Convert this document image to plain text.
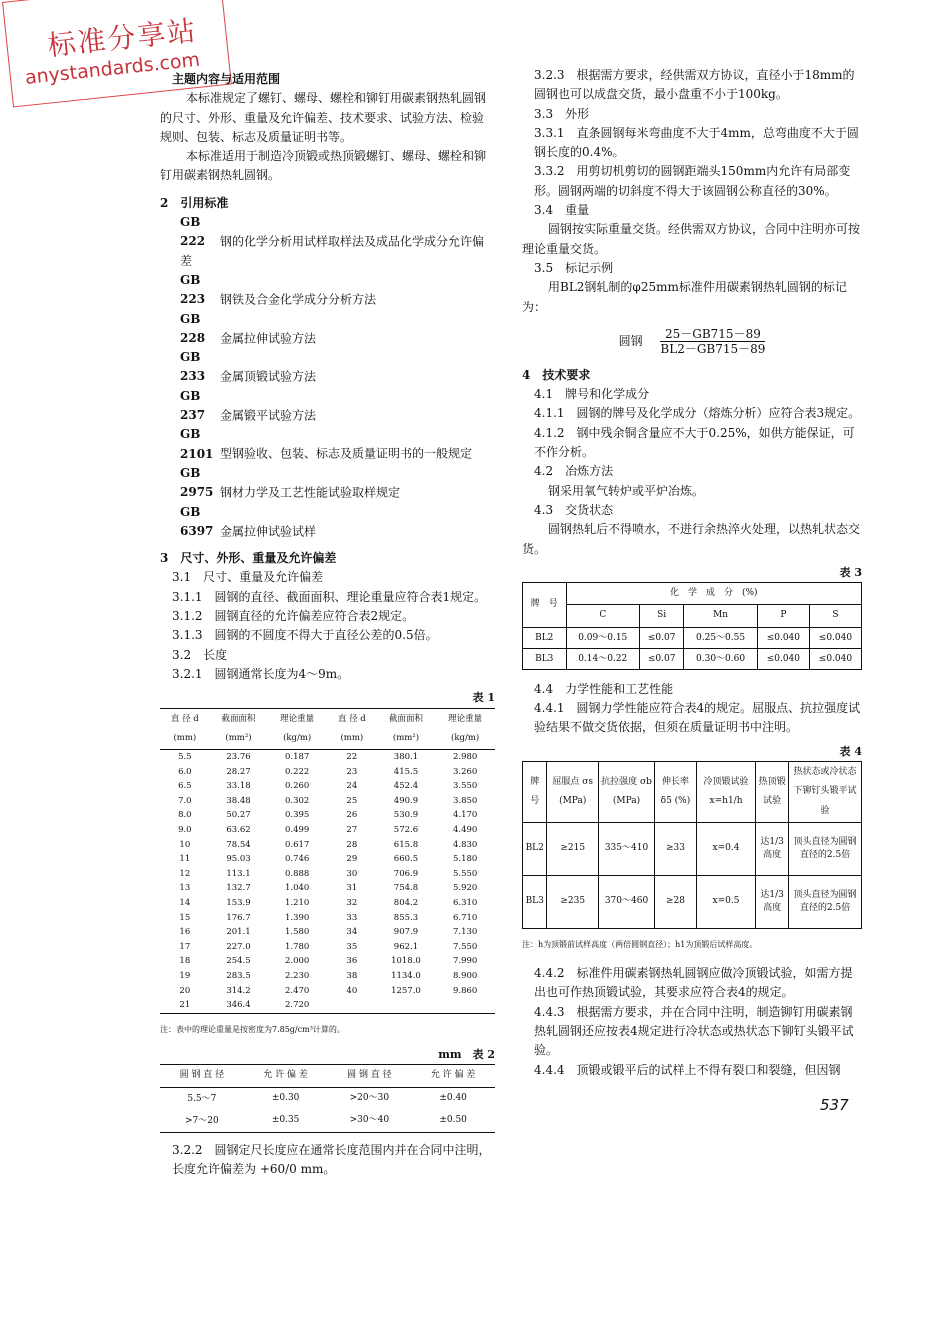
标准分享站
anystandards.com

主题内容与适用范围

本标准规定了螺钉、螺母、螺栓和铆钉用碳素钢热轧圆钢的尺寸、外形、重量及允许偏差、技术要求、试验方法、检验规则、包装、标志及质量证明书等。

本标准适用于制造冷顶锻或热顶锻螺钉、螺母、螺栓和铆钉用碳素钢热轧圆钢。

2　引用标准

GB 222 钢的化学分析用试样取样法及成品化学成分允许偏差

GB 223 钢铁及合金化学成分分析方法

GB 228 金属拉伸试验方法

GB 233 金属顶锻试验方法

GB 237 金属锻平试验方法

GB 2101 型钢验收、包装、标志及质量证明书的一般规定

GB 2975 钢材力学及工艺性能试验取样规定

GB 6397 金属拉伸试验试样

3　尺寸、外形、重量及允许偏差

3.1　尺寸、重量及允许偏差

3.1.1　圆钢的直径、截面面积、理论重量应符合表1规定。

3.1.2　圆钢直径的允许偏差应符合表2规定。

3.1.3　圆钢的不圆度不得大于直径公差的0.5倍。

3.2　长度

3.2.1　圆钢通常长度为4～9m。

表 1

直 径 d (mm)	截面面积 (mm²)	理论重量 (kg/m)	直 径 d (mm)	截面面积 (mm²)	理论重量 (kg/m)
5.5	23.76	0.187	22	380.1	2.980
6.0	28.27	0.222	23	415.5	3.260
6.5	33.18	0.260	24	452.4	3.550
7.0	38.48	0.302	25	490.9	3.850
8.0	50.27	0.395	26	530.9	4.170
9.0	63.62	0.499	27	572.6	4.490
10	78.54	0.617	28	615.8	4.830
11	95.03	0.746	29	660.5	5.180
12	113.1	0.888	30	706.9	5.550
13	132.7	1.040	31	754.8	5.920
14	153.9	1.210	32	804.2	6.310
15	176.7	1.390	33	855.3	6.710
16	201.1	1.580	34	907.9	7.130
17	227.0	1.780	35	962.1	7.550
18	254.5	2.000	36	1018.0	7.990
19	283.5	2.230	38	1134.0	8.900
20	314.2	2.470	40	1257.0	9.860
21	346.4	2.720			

注：表中的理论重量是按密度为7.85g/cm³计算的。

mm　表 2

圆 钢 直 径	允 许 偏 差	圆 钢 直 径	允 许 偏 差
5.5～7	±0.30	>20～30	±0.40
>7～20	±0.35	>30～40	±0.50

3.2.2　圆钢定尺长度应在通常长度范围内并在合同中注明，长度允许偏差为 +60/0 mm。

3.2.3　根据需方要求，经供需双方协议，直径小于18mm的圆钢也可以成盘交货，最小盘重不小于100kg。

3.3　外形

3.3.1　直条圆钢每米弯曲度不大于4mm，总弯曲度不大于圆钢长度的0.4%。

3.3.2　用剪切机剪切的圆钢距端头150mm内允许有局部变形。圆钢两端的切斜度不得大于该圆钢公称直径的30%。

3.4　重量

圆钢按实际重量交货。经供需双方协议，合同中注明亦可按理论重量交货。

3.5　标记示例

用BL2钢轧制的φ25mm标准件用碳素钢热轧圆钢的标记为：

圆钢 $\frac{25-GB715-89}{BL2-GB715-89}$

4　技术要求

4.1　牌号和化学成分

4.1.1　圆钢的牌号及化学成分（熔炼分析）应符合表3规定。

4.1.2　钢中残余铜含量应不大于0.25%，如供方能保证，可不作分析。

4.2　冶炼方法

钢采用氧气转炉或平炉冶炼。

4.3　交货状态

圆钢热轧后不得喷水，不进行余热淬火处理，以热轧状态交货。

表 3

牌　号	化　学　成　分　(%)				
	C	Si	Mn	P	S
BL2	0.09～0.15	≤0.07	0.25～0.55	≤0.040	≤0.040
BL3	0.14～0.22	≤0.07	0.30～0.60	≤0.040	≤0.040

4.4　力学性能和工艺性能

4.4.1　圆钢力学性能应符合表4的规定。屈服点、抗拉强度试验结果不做交货依据，但须在质量证明书中注明。

表 4

牌 号	屈服点 σs (MPa)	抗拉强度 σb (MPa)	伸长率 δ5 (%)	冷顶锻试验 x=h1/h	热顶锻试验	热状态或冷状态下铆钉头锻平试验
BL2	≥215	335～410	≥33	x=0.4	达1/3高度	顶头直径为圆钢直径的2.5倍
BL3	≥235	370～460	≥28	x=0.5	达1/3高度	顶头直径为圆钢直径的2.5倍

注：h为顶锻前试样高度（两倍圆钢直径）；h1为顶锻后试样高度。

4.4.2　标准件用碳素钢热轧圆钢应做冷顶锻试验，如需方提出也可作热顶锻试验，其要求应符合表4的规定。

4.4.3　根据需方要求，并在合同中注明，制造铆钉用碳素钢热轧圆钢还应按表4规定进行冷状态或热状态下铆钉头锻平试验。

4.4.4　顶锻或锻平后的试样上不得有裂口和裂缝，但因钢

537
